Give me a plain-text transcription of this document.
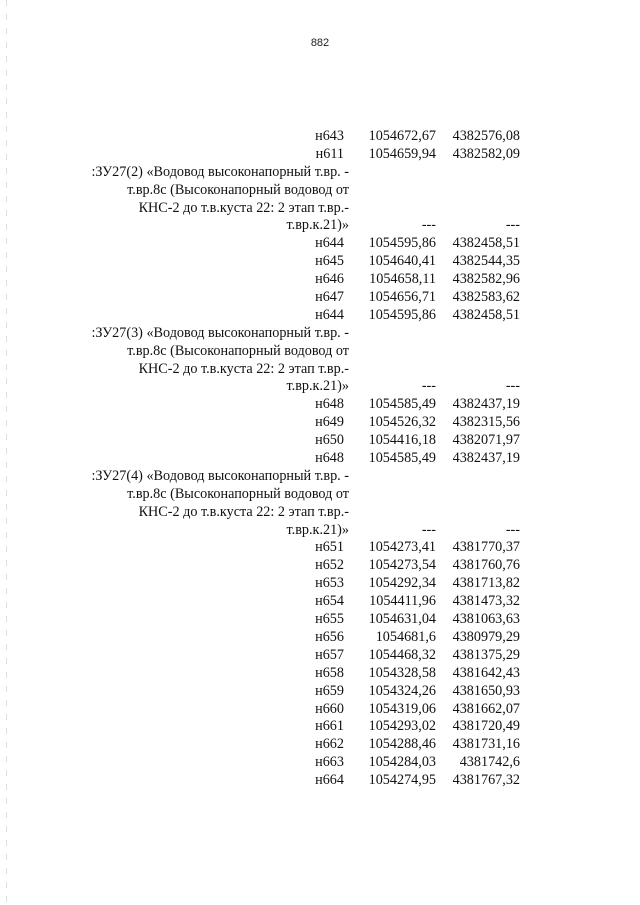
882
н643	1054672,67	4382576,08
н611	1054659,94	4382582,09
:ЗУ27(2) «Водовод высоконапорный т.вр. -
т.вр.8с (Высоконапорный водовод от
КНС-2 до т.в.куста 22: 2 этап т.вр.-
т.вр.к.21)»	---	---
н644	1054595,86	4382458,51
н645	1054640,41	4382544,35
н646	1054658,11	4382582,96
н647	1054656,71	4382583,62
н644	1054595,86	4382458,51
:ЗУ27(3) «Водовод высоконапорный т.вр. -
т.вр.8с (Высоконапорный водовод от
КНС-2 до т.в.куста 22: 2 этап т.вр.-
т.вр.к.21)»	---	---
н648	1054585,49	4382437,19
н649	1054526,32	4382315,56
н650	1054416,18	4382071,97
н648	1054585,49	4382437,19
:ЗУ27(4) «Водовод высоконапорный т.вр. -
т.вр.8с (Высоконапорный водовод от
КНС-2 до т.в.куста 22: 2 этап т.вр.-
т.вр.к.21)»	---	---
н651	1054273,41	4381770,37
н652	1054273,54	4381760,76
н653	1054292,34	4381713,82
н654	1054411,96	4381473,32
н655	1054631,04	4381063,63
н656	1054681,6	4380979,29
н657	1054468,32	4381375,29
н658	1054328,58	4381642,43
н659	1054324,26	4381650,93
н660	1054319,06	4381662,07
н661	1054293,02	4381720,49
н662	1054288,46	4381731,16
н663	1054284,03	4381742,6
н664	1054274,95	4381767,32
